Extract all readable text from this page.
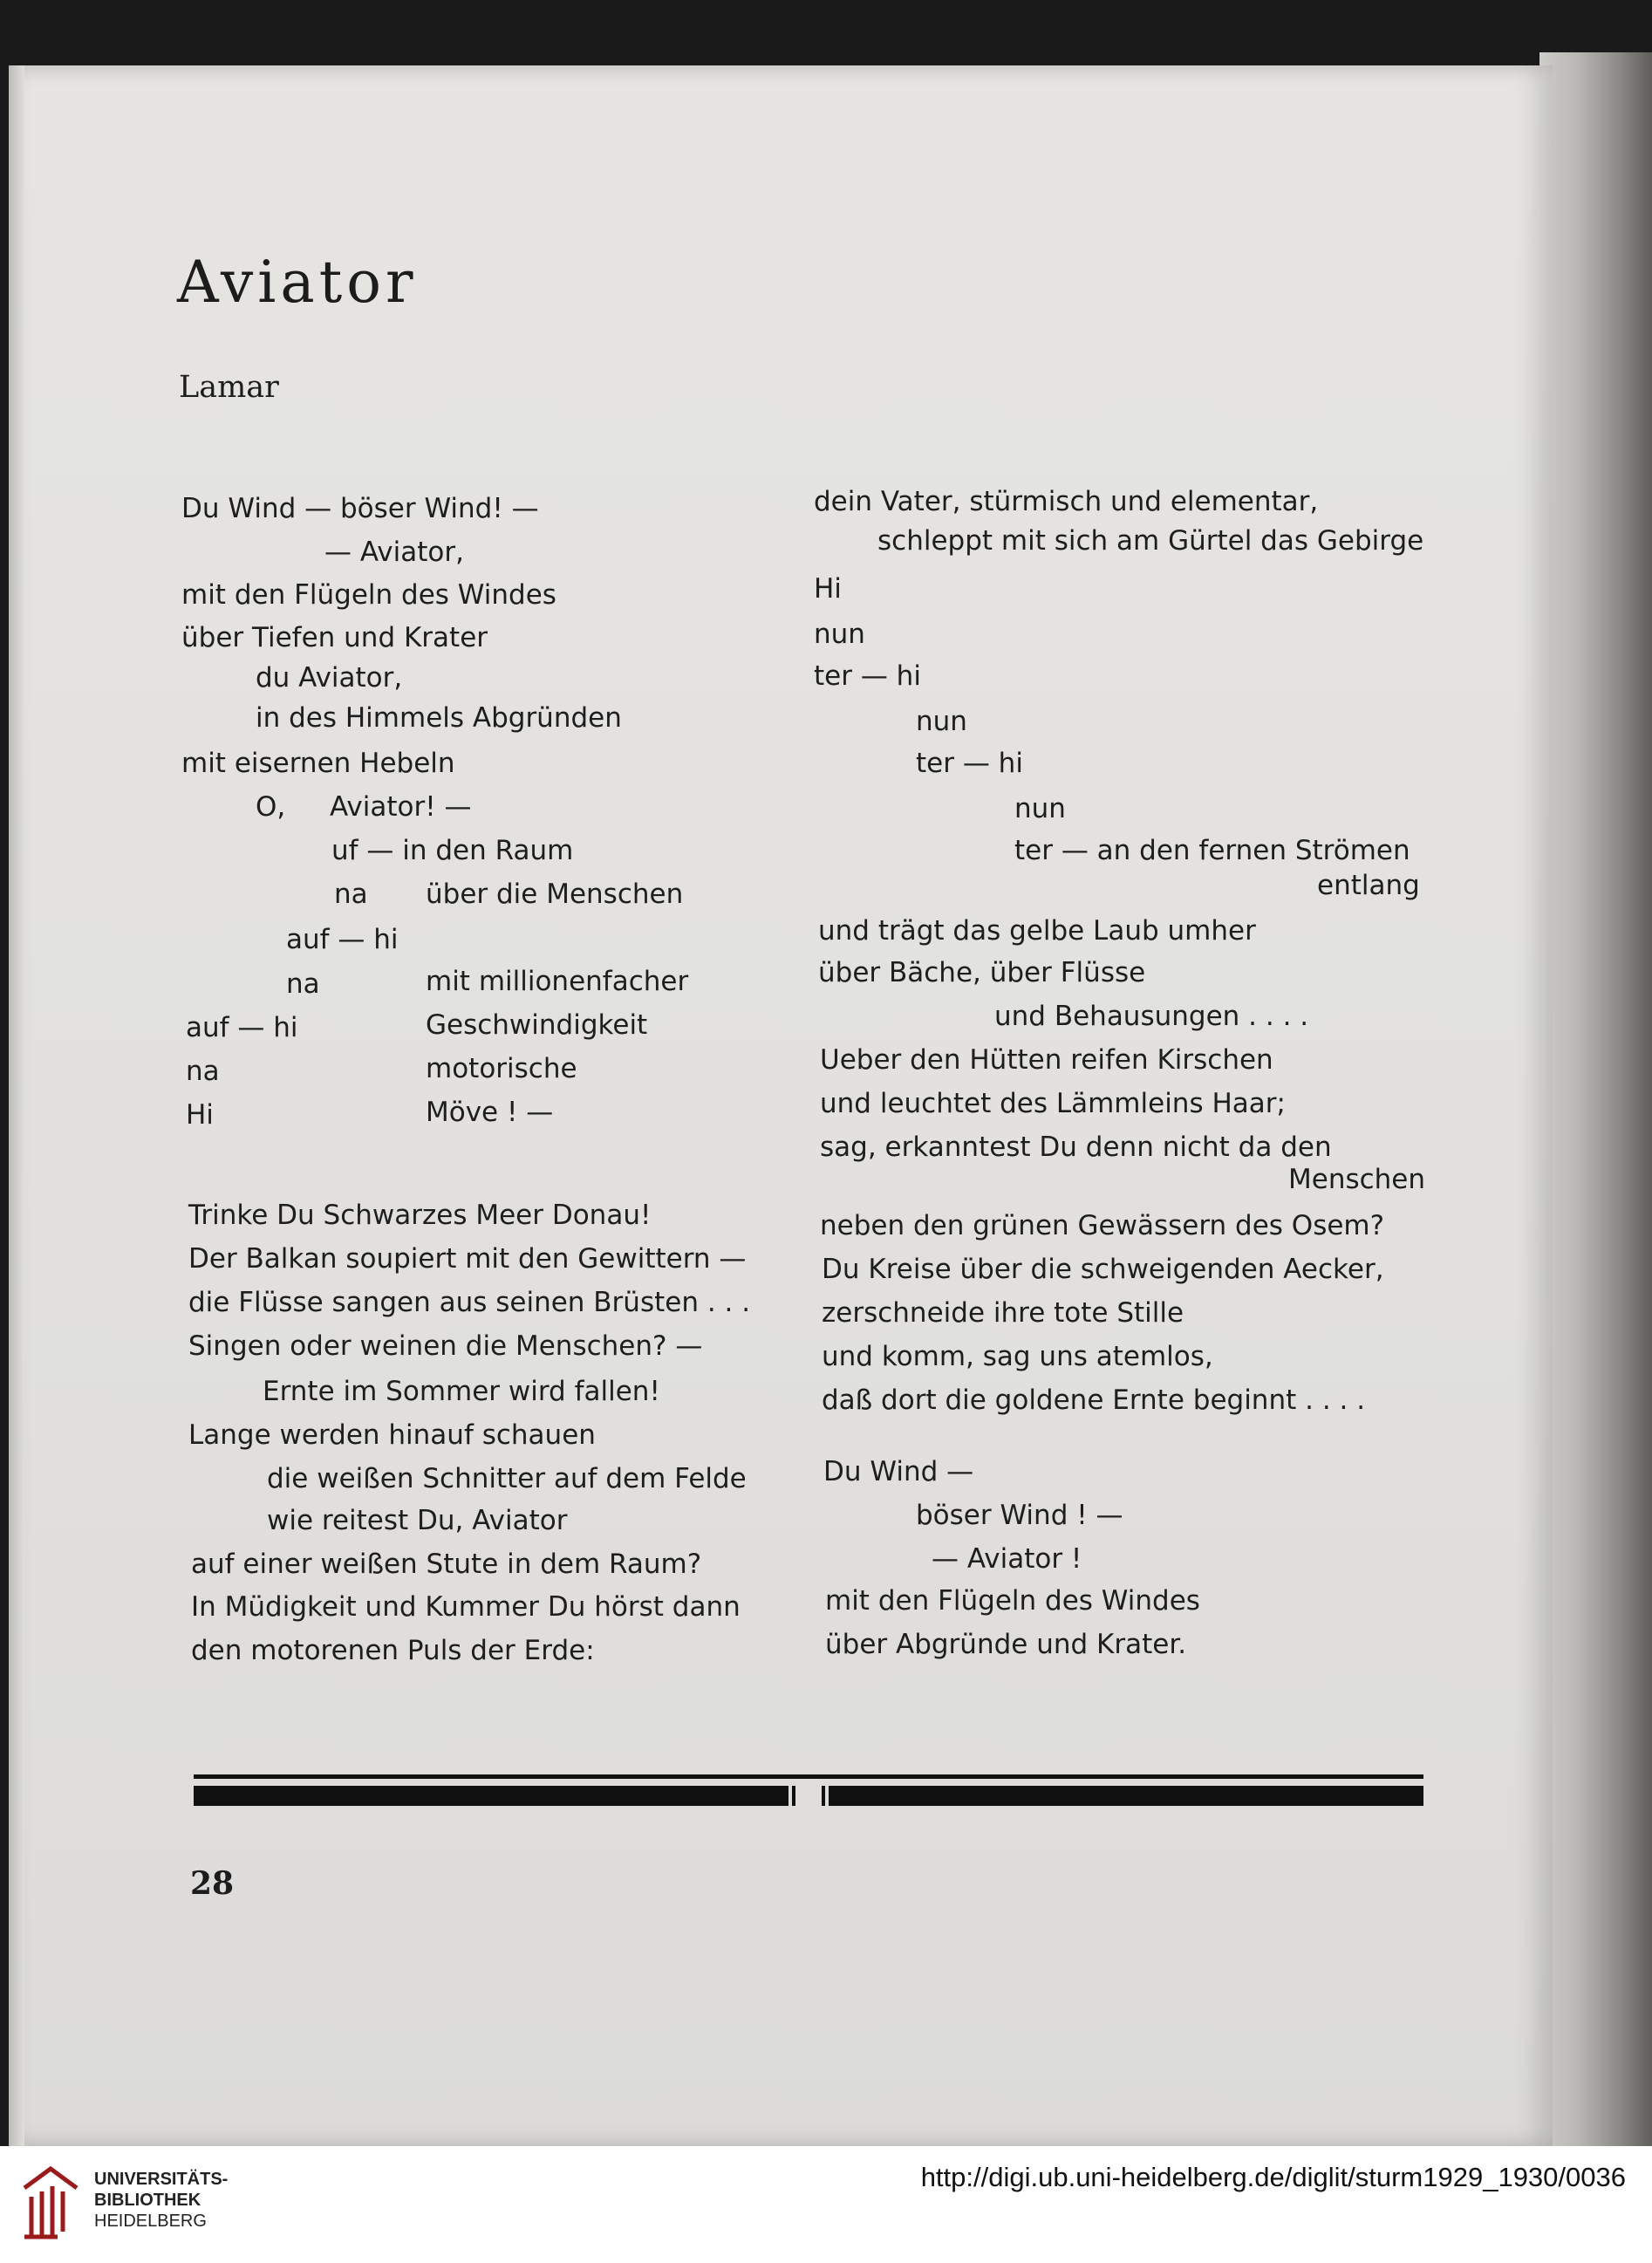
Aviator
Lamar
Du Wind — böser Wind! —
— Aviator,
mit den Flügeln des Windes
über Tiefen und Krater
du Aviator,
in des Himmels Abgründen
mit eisernen Hebeln
O, Aviator! —
uf — in den Raum
na über die Menschen
auf — hi
na	mit millionenfacher
auf — hi	Geschwindigkeit
na	motorische
Hi	Möve ! —
Trinke Du Schwarzes Meer Donau!
Der Balkan soupiert mit den Gewittern —
die Flüsse sangen aus seinen Brüsten . . .
Singen oder weinen die Menschen? —
Ernte im Sommer wird fallen!
Lange werden hinauf schauen
die weißen Schnitter auf dem Felde
wie reitest Du, Aviator
auf einer weißen Stute in dem Raum?
In Müdigkeit und Kummer Du hörst dann
den motorenen Puls der Erde:
dein Vater, stürmisch und elementar,
schleppt mit sich am Gürtel das Gebirge
Hi
nun
ter — hi
nun
ter — hi
nun
ter — an den fernen Strömen
entlang
und trägt das gelbe Laub umher
über Bäche, über Flüsse
und Behausungen . . . .
Ueber den Hütten reifen Kirschen
und leuchtet des Lämmleins Haar;
sag, erkanntest Du denn nicht da den
Menschen
neben den grünen Gewässern des Osem?
Du Kreise über die schweigenden Aecker,
zerschneide ihre tote Stille
und komm, sag uns atemlos,
daß dort die goldene Ernte beginnt . . . .
Du Wind —
böser Wind ! —
— Aviator !
mit den Flügeln des Windes
über Abgründe und Krater.
28
UNIVERSITÄTS-
BIBLIOTHEK
HEIDELBERG
http://digi.ub.uni-heidelberg.de/diglit/sturm1929_1930/0036
